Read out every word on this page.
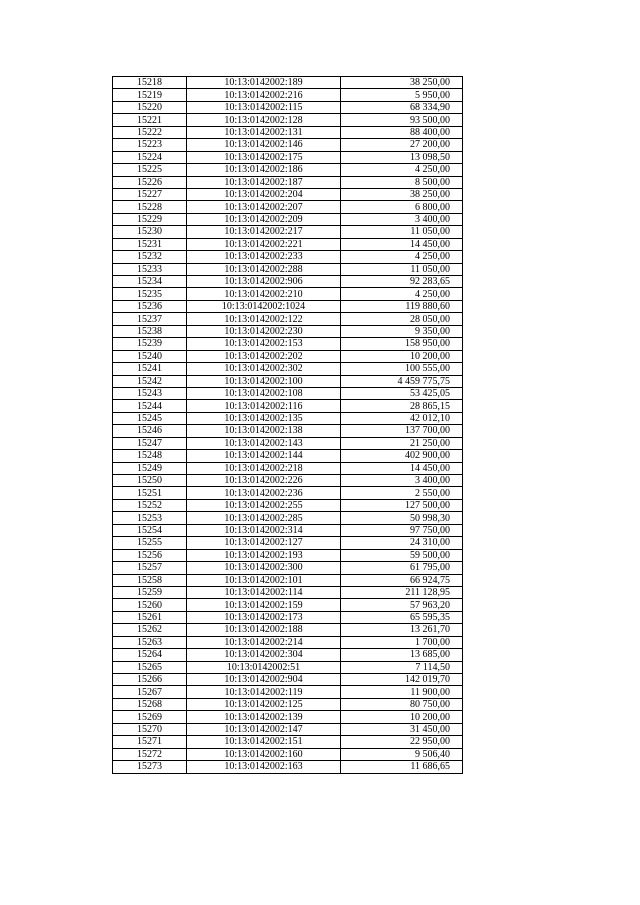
15218	10:13:0142002:189	38 250,00
15219	10:13:0142002:216	5 950,00
15220	10:13:0142002:115	68 334,90
15221	10:13:0142002:128	93 500,00
15222	10:13:0142002:131	88 400,00
15223	10:13:0142002:146	27 200,00
15224	10:13:0142002:175	13 098,50
15225	10:13:0142002:186	4 250,00
15226	10:13:0142002:187	8 500,00
15227	10:13:0142002:204	38 250,00
15228	10:13:0142002:207	6 800,00
15229	10:13:0142002:209	3 400,00
15230	10:13:0142002:217	11 050,00
15231	10:13:0142002:221	14 450,00
15232	10:13:0142002:233	4 250,00
15233	10:13:0142002:288	11 050,00
15234	10:13:0142002:906	92 283,65
15235	10:13:0142002:210	4 250,00
15236	10:13:0142002:1024	119 880,60
15237	10:13:0142002:122	28 050,00
15238	10:13:0142002:230	9 350,00
15239	10:13:0142002:153	158 950,00
15240	10:13:0142002:202	10 200,00
15241	10:13:0142002:302	100 555,00
15242	10:13:0142002:100	4 459 775,75
15243	10:13:0142002:108	53 425,05
15244	10:13:0142002:116	28 865,15
15245	10:13:0142002:135	42 012,10
15246	10:13:0142002:138	137 700,00
15247	10:13:0142002:143	21 250,00
15248	10:13:0142002:144	402 900,00
15249	10:13:0142002:218	14 450,00
15250	10:13:0142002:226	3 400,00
15251	10:13:0142002:236	2 550,00
15252	10:13:0142002:255	127 500,00
15253	10:13:0142002:285	50 998,30
15254	10:13:0142002:314	97 750,00
15255	10:13:0142002:127	24 310,00
15256	10:13:0142002:193	59 500,00
15257	10:13:0142002:300	61 795,00
15258	10:13:0142002:101	66 924,75
15259	10:13:0142002:114	211 128,95
15260	10:13:0142002:159	57 963,20
15261	10:13:0142002:173	65 595,35
15262	10:13:0142002:188	13 261,70
15263	10:13:0142002:214	1 700,00
15264	10:13:0142002:304	13 685,00
15265	10:13:0142002:51	7 114,50
15266	10:13:0142002:904	142 019,70
15267	10:13:0142002:119	11 900,00
15268	10:13:0142002:125	80 750,00
15269	10:13:0142002:139	10 200,00
15270	10:13:0142002:147	31 450,00
15271	10:13:0142002:151	22 950,00
15272	10:13:0142002:160	9 506,40
15273	10:13:0142002:163	11 686,65
